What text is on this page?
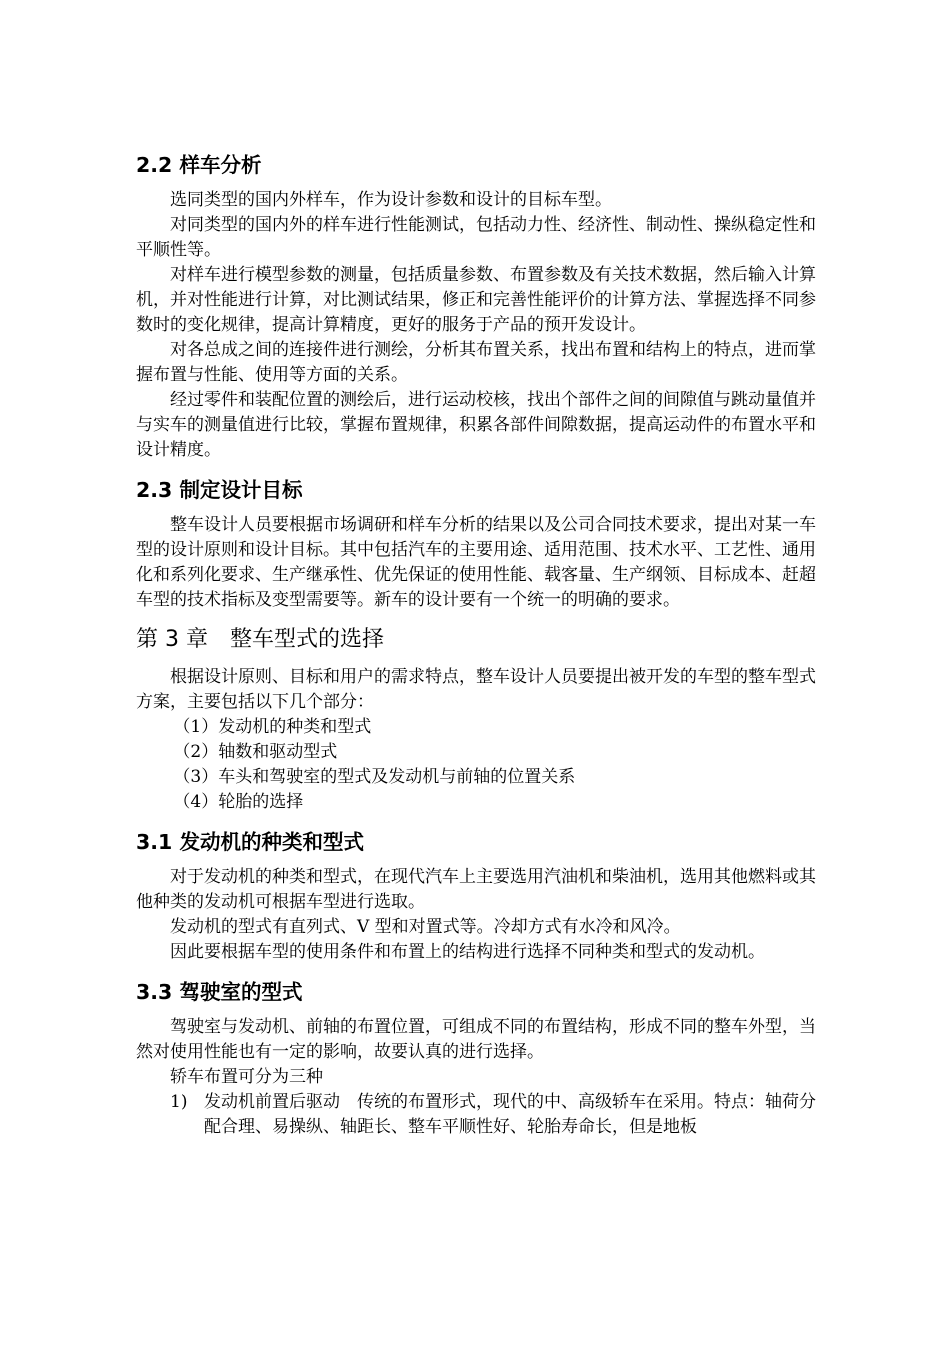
2.2 样车分析

选同类型的国内外样车，作为设计参数和设计的目标车型。

对同类型的国内外的样车进行性能测试，包括动力性、经济性、制动性、操纵稳定性和平顺性等。

对样车进行模型参数的测量，包括质量参数、布置参数及有关技术数据，然后输入计算机，并对性能进行计算，对比测试结果，修正和完善性能评价的计算方法、掌握选择不同参数时的变化规律，提高计算精度，更好的服务于产品的预开发设计。

对各总成之间的连接件进行测绘，分析其布置关系，找出布置和结构上的特点，进而掌握布置与性能、使用等方面的关系。

经过零件和装配位置的测绘后，进行运动校核，找出个部件之间的间隙值与跳动量值并与实车的测量值进行比较，掌握布置规律，积累各部件间隙数据，提高运动件的布置水平和设计精度。

2.3 制定设计目标

整车设计人员要根据市场调研和样车分析的结果以及公司合同技术要求，提出对某一车型的设计原则和设计目标。其中包括汽车的主要用途、适用范围、技术水平、工艺性、通用化和系列化要求、生产继承性、优先保证的使用性能、载客量、生产纲领、目标成本、赶超车型的技术指标及变型需要等。新车的设计要有一个统一的明确的要求。

第 3 章 整车型式的选择

根据设计原则、目标和用户的需求特点，整车设计人员要提出被开发的车型的整车型式方案，主要包括以下几个部分：

（1）发动机的种类和型式
（2）轴数和驱动型式
（3）车头和驾驶室的型式及发动机与前轴的位置关系
（4）轮胎的选择
3.1 发动机的种类和型式

对于发动机的种类和型式，在现代汽车上主要选用汽油机和柴油机，选用其他燃料或其他种类的发动机可根据车型进行选取。

发动机的型式有直列式、V 型和对置式等。冷却方式有水冷和风冷。

因此要根据车型的使用条件和布置上的结构进行选择不同种类和型式的发动机。

3.3 驾驶室的型式

驾驶室与发动机、前轴的布置位置，可组成不同的布置结构，形成不同的整车外型，当然对使用性能也有一定的影响，故要认真的进行选择。

轿车布置可分为三种

1) 发动机前置后驱动　传统的布置形式，现代的中、高级轿车在采用。特点：轴荷分配合理、易操纵、轴距长、整车平顺性好、轮胎寿命长，但是地板
